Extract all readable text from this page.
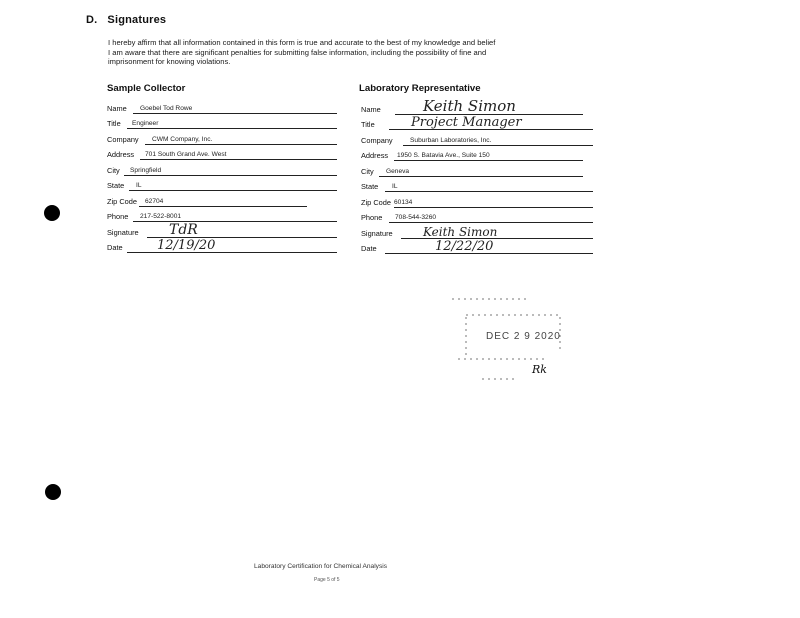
D. Signatures
I hereby affirm that all information contained in this form is true and accurate to the best of my knowledge and belief
I am aware that there are significant penalties for submitting false information, including the possibility of fine and
imprisonment for knowing violations.
Sample Collector
Name Goebel Tod Rowe
Title Engineer
Company CWM Company, Inc.
Address 701 South Grand Ave. West
City Springfield
State IL
Zip Code 62704
Phone 217-522-8001
Signature TdR
Date	12/19/20
Laboratory Representative
Name	Keith Simon
Title	Project Manager
Company	Suburban Laboratories, Inc.
Address 1950 S. Batavia Ave., Suite 150
City Geneva
State IL
Zip Code 60134
Phone 708-544-3260
Signature	Keith Simon
Date	12/22/20
DEC 2 9 2020
Rk
Laboratory Certification for Chemical Analysis
Page 5 of 5
